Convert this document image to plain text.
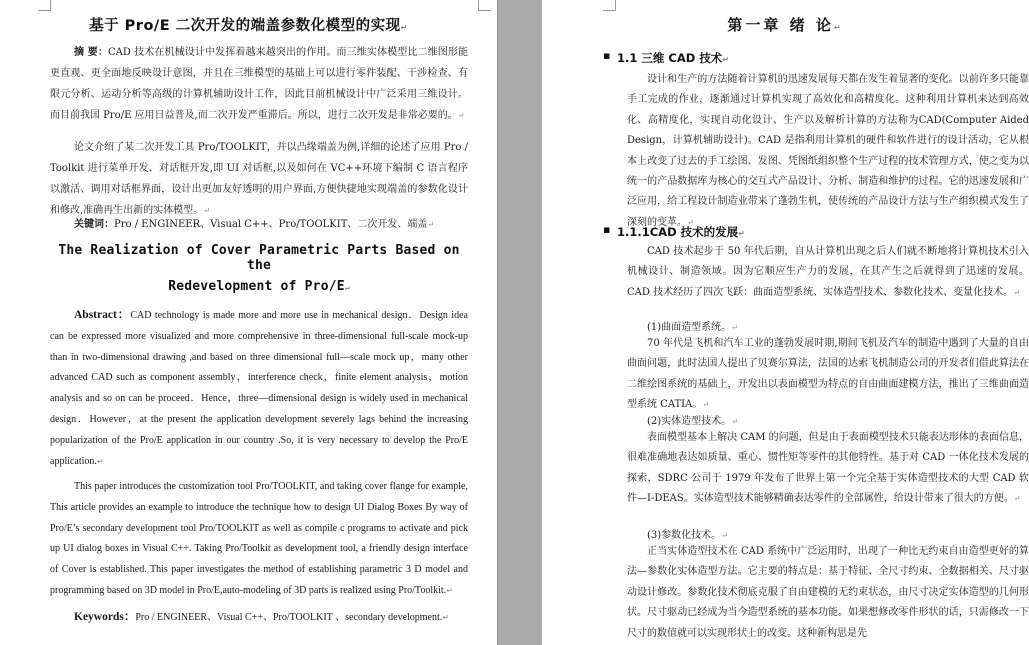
基于 Pro/E 二次开发的端盖参数化模型的实现↵

摘 要：CAD 技术在机械设计中发挥着越来越突出的作用。而三维实体模型比二维图形能更直观、更全面地反映设计意图，并且在三维模型的基础上可以进行零件装配、干涉检查、有限元分析、运动分析等高级的计算机辅助设计工作，因此目前机械设计中广泛采用三维设计。而目前我国 Pro/E 应用日益普及,而二次开发严重滞后。所以，进行二次开发是非常必要的。↵

论文介绍了某二次开发工具 Pro/TOOLKIT，并以凸缘端盖为例,详细的论述了应用 Pro / Toolkit 进行菜单开发、对话框开发,即 UI 对话框,以及如何在 VC++环境下编制 C 语言程序以激活、调用对话框界面，设计出更加友好透明的用户界面,方便快捷地实现端盖的参数化设计和修改,准确再生出新的实体模型。↵

关键词：Pro / ENGINEER、Visual C++、Pro/TOOLKIT、二次开发、端盖↵

The Realization of Cover Parametric Parts Based on the
Redevelopment of Pro/E↵

Abstract：CAD technology is made more and more use in mechanical design．Design idea can be expressed more visualized and more comprehensive in three-dimensional full-scale mock-up than in two-dimensional drawing ,and based on three dimensional full—scale mock up，many other advanced CAD such as component assembly，interference check，finite element analysis，motion analysis and so on can be proceed．Hence，three—dimensional design is widely used in mechanical design．However，at the present the application development severely lags behind the increasing popularization of the Pro/E application in our country .So, it is very necessary to develop the Pro/E application.↵

This paper introduces the customization tool Pro/TOOLKIT, and taking cover flange for example, This article provides an example to introduce the technique how to design UI Dialog Boxes By way of Pro/E’s secondary development tool Pro/TOOLKIT as well as compile c programs to activate and pick up UI dialog boxes in Visual C++. Taking Pro/Toolkit as development tool, a friendly design interface of Cover is established. This paper investigates the method of establishing parametric 3 D model and programming based on 3D model in Pro/E,auto-modeling of 3D parts is realized using Pro/Toolkit.↵

Keywords：Pro / ENGINEER、Visual C++、Pro/TOOLKIT 、secondary development.↵

第一章 绪 论↵
▪ 1.1 三维 CAD 技术↵

设计和生产的方法随着计算机的迅速发展每天都在发生着显著的变化。以前许多只能靠手工完成的作业，逐渐通过计算机实现了高效化和高精度化。这种利用计算机来达到高效化、高精度化，实现自动化设计、生产以及解析计算的方法称为CAD(Computer Aided Design，计算机辅助设计)。CAD 是指利用计算机的硬件和软件进行的设计活动，它从根本上改变了过去的手工绘图、发图、凭图纸组织整个生产过程的技术管理方式，使之变为以统一的产品数据库为核心的交互式产品设计、分析、制造和维护的过程。它的迅速发展和广泛应用，给工程设计制造业带来了蓬勃生机，使传统的产品设计方法与生产组织模式发生了深刻的变革。↵

▪ 1.1.1CAD 技术的发展↵

CAD 技术起步于 50 年代后期，自从计算机出现之后人们就不断地将计算机技术引入机械设计、制造领域。因为它顺应生产力的发展，在其产生之后就得到了迅速的发展。CAD 技术经历了四次飞跃：曲面造型系统、实体造型技术、参数化技术、变量化技术。↵

(1)曲面造型系统。↵

70 年代是飞机和汽车工业的蓬勃发展时期,期间飞机及汽车的制造中遇到了大量的自由曲面问题，此时法国人提出了贝赛尔算法，法国的达索飞机制造公司的开发者们借此算法在二维绘图系统的基础上，开发出以表面模型为特点的自由曲面建模方法，推出了三维曲面造型系统 CATIA。↵

(2)实体造型技术。↵

表面模型基本上解决 CAM 的问题，但是由于表面模型技术只能表达形体的表面信息，很难准确地表达如质量、重心、惯性矩等零件的其他特性。基于对 CAD 一体化技术发展的探索，SDRC 公司于 1979 年发布了世界上第一个完全基于实体造型技术的大型 CAD 软件—I-DEAS。实体造型技术能够精确表达零件的全部属性，给设计带来了很大的方便。↵

(3)参数化技术。↵

正当实体造型技术在 CAD 系统中广泛运用时，出现了一种比无约束自由造型更好的算法—参数化实体造型方法。它主要的特点是：基于特征、全尺寸约束、全数据相关、尺寸驱动设计修改。参数化技术彻底克服了自由建模的无约束状态，由尺寸决定实体造型的几何形状。尺寸驱动已经成为当今造型系统的基本功能。如果想修改零件形状的话，只需修改一下尺寸的数值就可以实现形状上的改变。这种新构思是先
